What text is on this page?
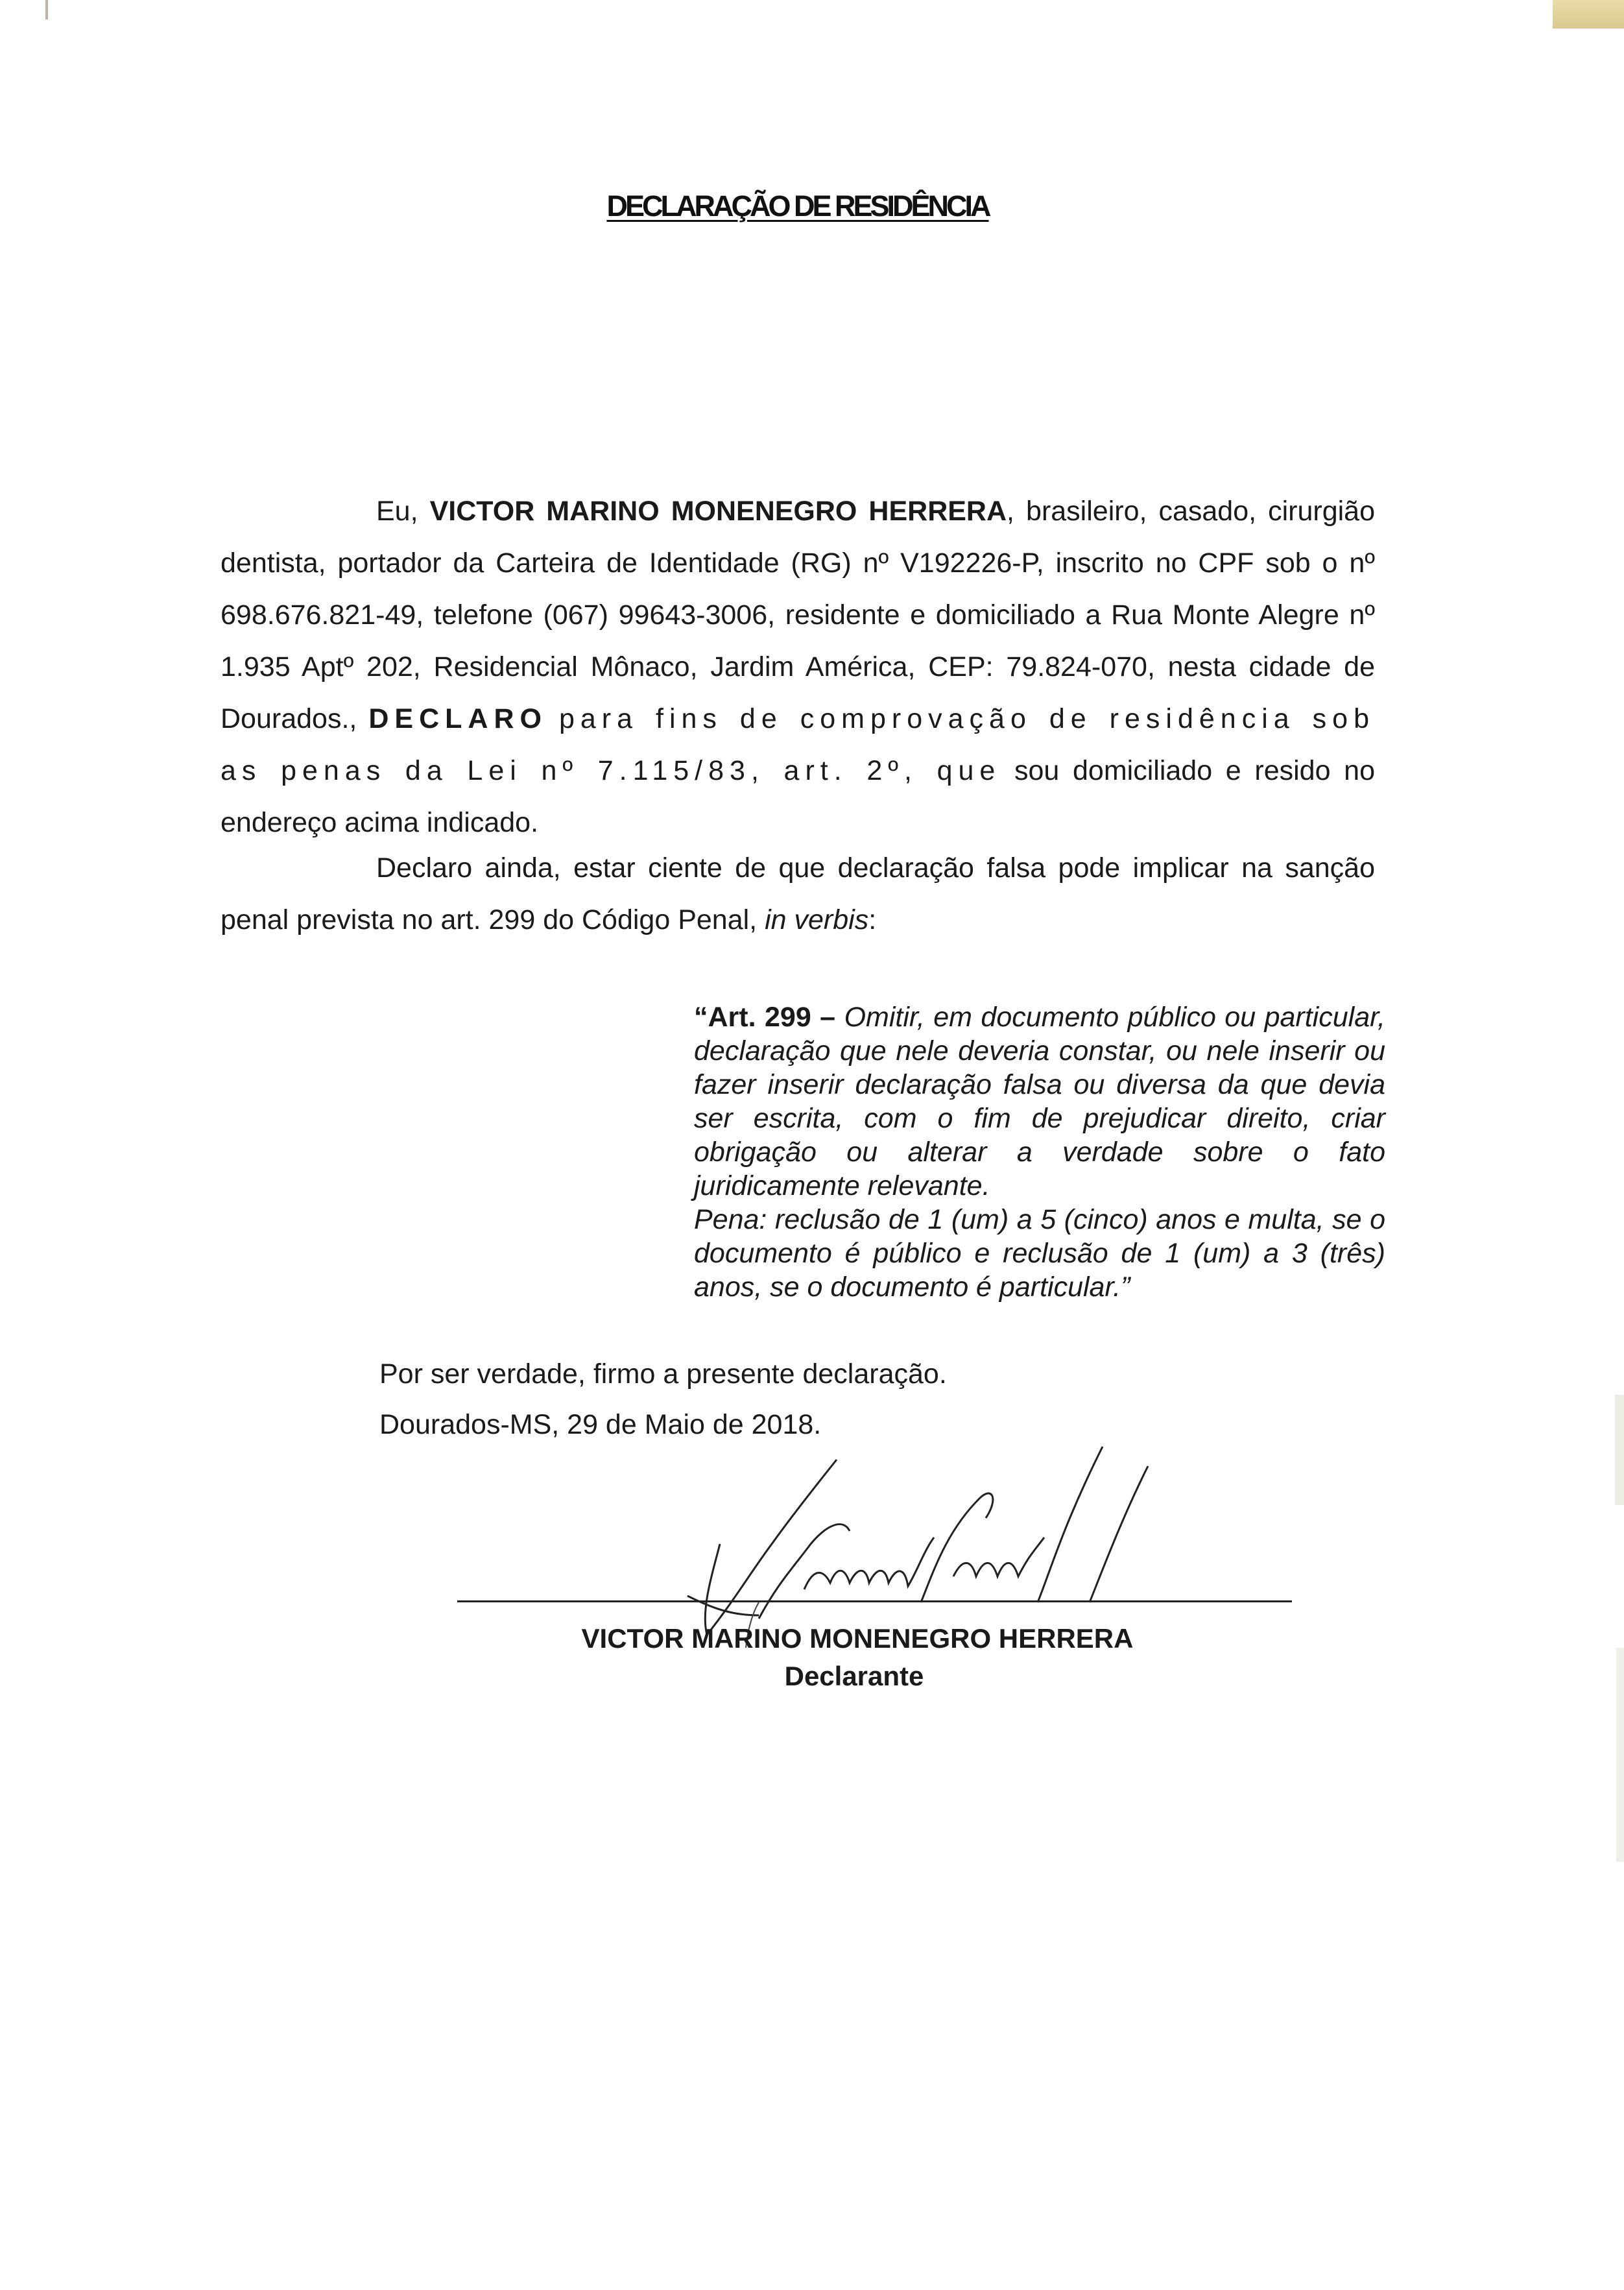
DECLARAÇÃO DE RESIDÊNCIA

Eu, VICTOR MARINO MONENEGRO HERRERA, brasileiro, casado, cirurgião dentista, portador da Carteira de Identidade (RG) nº V192226-P, inscrito no CPF sob o nº 698.676.821-49, telefone (067) 99643-3006, residente e domiciliado a Rua Monte Alegre nº 1.935 Aptº 202, Residencial Mônaco, Jardim América, CEP: 79.824-070, nesta cidade de Dourados., DECLARO para fins de comprovação de residência sob as penas da Lei nº 7.115/83, art. 2º, que sou domiciliado e resido no endereço acima indicado.

Declaro ainda, estar ciente de que declaração falsa pode implicar na sanção penal prevista no art. 299 do Código Penal, in verbis:

“Art. 299 – Omitir, em documento público ou particular, declaração que nele deveria constar, ou nele inserir ou fazer inserir declaração falsa ou diversa da que devia ser escrita, com o fim de prejudicar direito, criar obrigação ou alterar a verdade sobre o fato juridicamente relevante.
Pena: reclusão de 1 (um) a 5 (cinco) anos e multa, se o documento é público e reclusão de 1 (um) a 3 (três) anos, se o documento é particular.”

Por ser verdade, firmo a presente declaração.

Dourados-MS, 29 de Maio de 2018.

VICTOR MARINO MONENEGRO HERRERA
Declarante
